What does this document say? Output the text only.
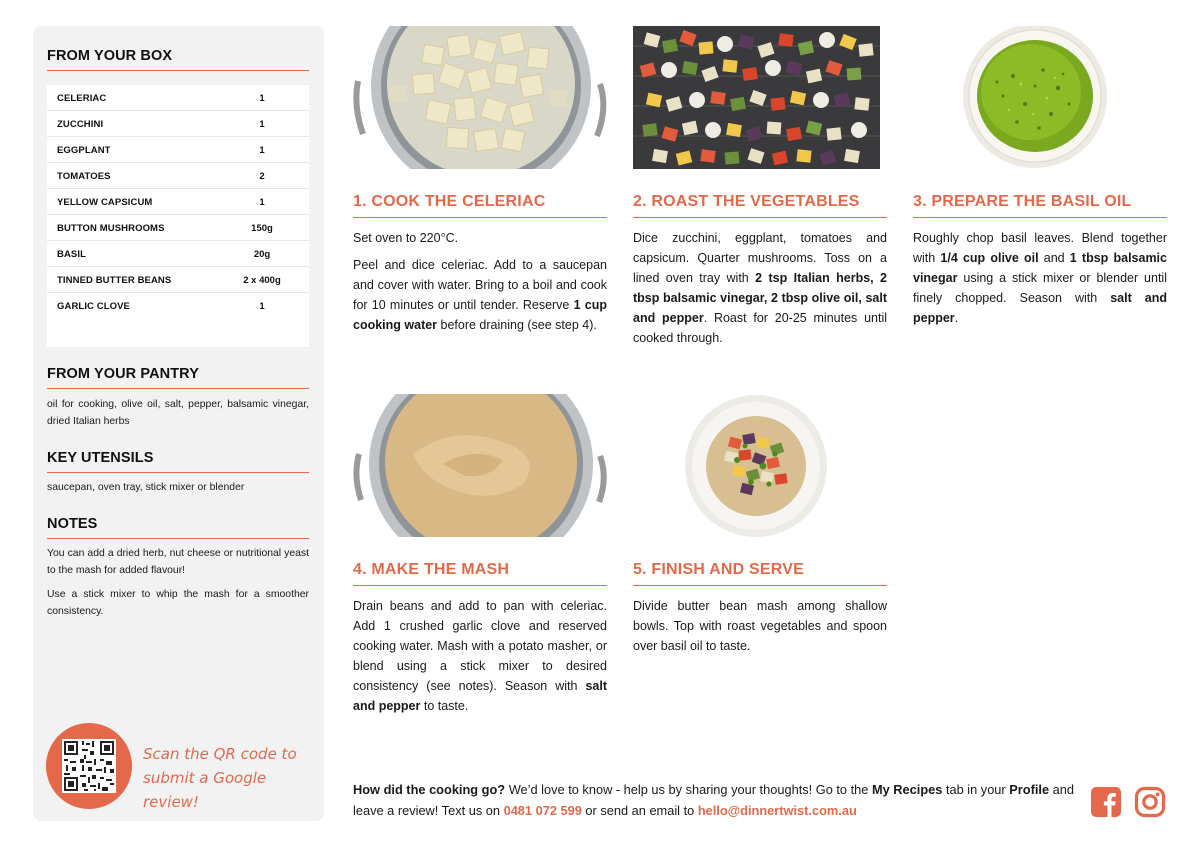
FROM YOUR BOX
CELERIAC	1
ZUCCHINI	1
EGGPLANT	1
TOMATOES	2
YELLOW CAPSICUM	1
BUTTON MUSHROOMS	150g
BASIL	20g
TINNED BUTTER BEANS	2 x 400g
GARLIC CLOVE	1
FROM YOUR PANTRY
oil for cooking, olive oil, salt, pepper, balsamic vinegar, dried Italian herbs
KEY UTENSILS
saucepan, oven tray, stick mixer or blender
NOTES
You can add a dried herb, nut cheese or nutritional yeast to the mash for added flavour!
Use a stick mixer to whip the mash for a smoother consistency.
Scan the QR code to submit a Google review!
1. COOK THE CELERIAC

Set oven to 220°C.

Peel and dice celeriac. Add to a saucepan and cover with water. Bring to a boil and cook for 10 minutes or until tender. Reserve 1 cup cooking water before draining (see step 4).

2. ROAST THE VEGETABLES

Dice zucchini, eggplant, tomatoes and capsicum. Quarter mushrooms. Toss on a lined oven tray with 2 tsp Italian herbs, 2 tbsp balsamic vinegar, 2 tbsp olive oil, salt and pepper. Roast for 20-25 minutes until cooked through.

3. PREPARE THE BASIL OIL

Roughly chop basil leaves. Blend together with 1/4 cup olive oil and 1 tbsp balsamic vinegar using a stick mixer or blender until finely chopped. Season with salt and pepper.

4. MAKE THE MASH

Drain beans and add to pan with celeriac. Add 1 crushed garlic clove and reserved cooking water. Mash with a potato masher, or blend using a stick mixer to desired consistency (see notes). Season with salt and pepper to taste.

5. FINISH AND SERVE

Divide butter bean mash among shallow bowls. Top with roast vegetables and spoon over basil oil to taste.

How did the cooking go? We’d love to know - help us by sharing your thoughts! Go to the My Recipes tab in your Profile and leave a review! Text us on 0481 072 599 or send an email to hello@dinnertwist.com.au
